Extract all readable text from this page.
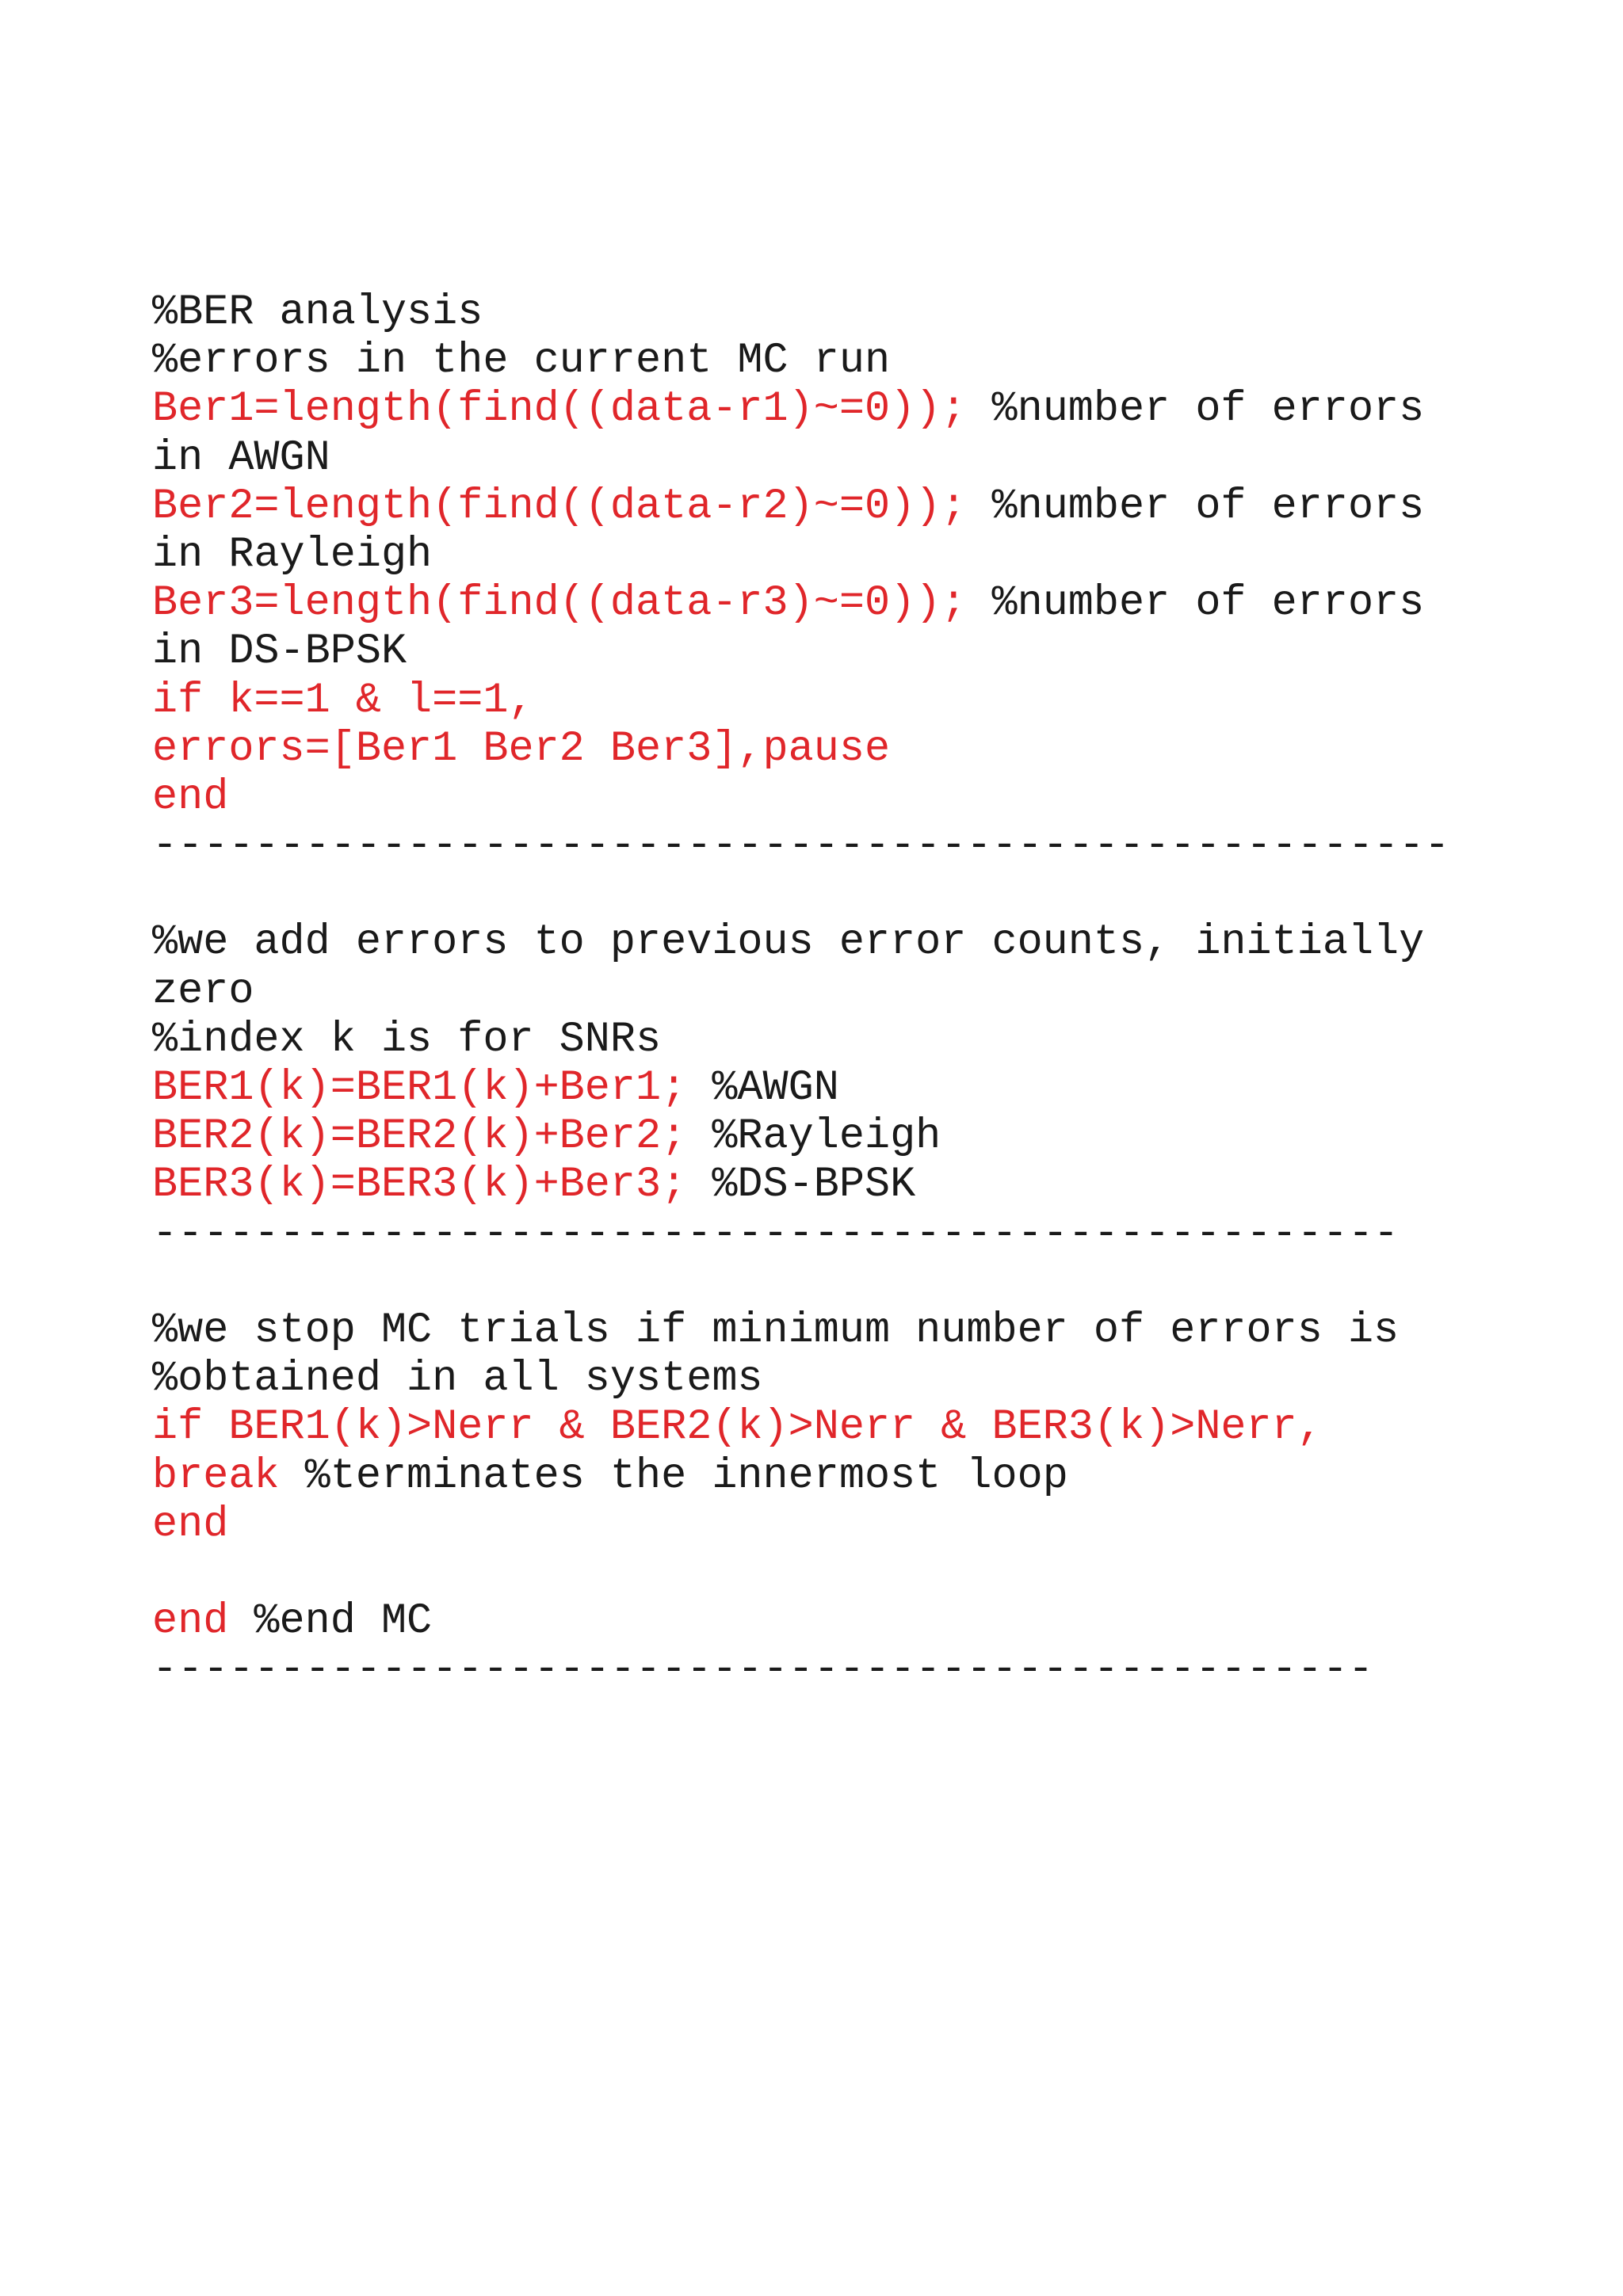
%BER analysis
%errors in the current MC run
Ber1=length(find((data-r1)~=0)); %number of errors
in AWGN
Ber2=length(find((data-r2)~=0)); %number of errors
in Rayleigh
Ber3=length(find((data-r3)~=0)); %number of errors
in DS-BPSK
if k==1 & l==1,
errors=[Ber1 Ber2 Ber3],pause
end
---------------------------------------------------

%we add errors to previous error counts, initially
zero
%index k is for SNRs
BER1(k)=BER1(k)+Ber1; %AWGN
BER2(k)=BER2(k)+Ber2; %Rayleigh
BER3(k)=BER3(k)+Ber3; %DS-BPSK
-------------------------------------------------

%we stop MC trials if minimum number of errors is
%obtained in all systems
if BER1(k)>Nerr & BER2(k)>Nerr & BER3(k)>Nerr,
break %terminates the innermost loop
end

end %end MC
------------------------------------------------
